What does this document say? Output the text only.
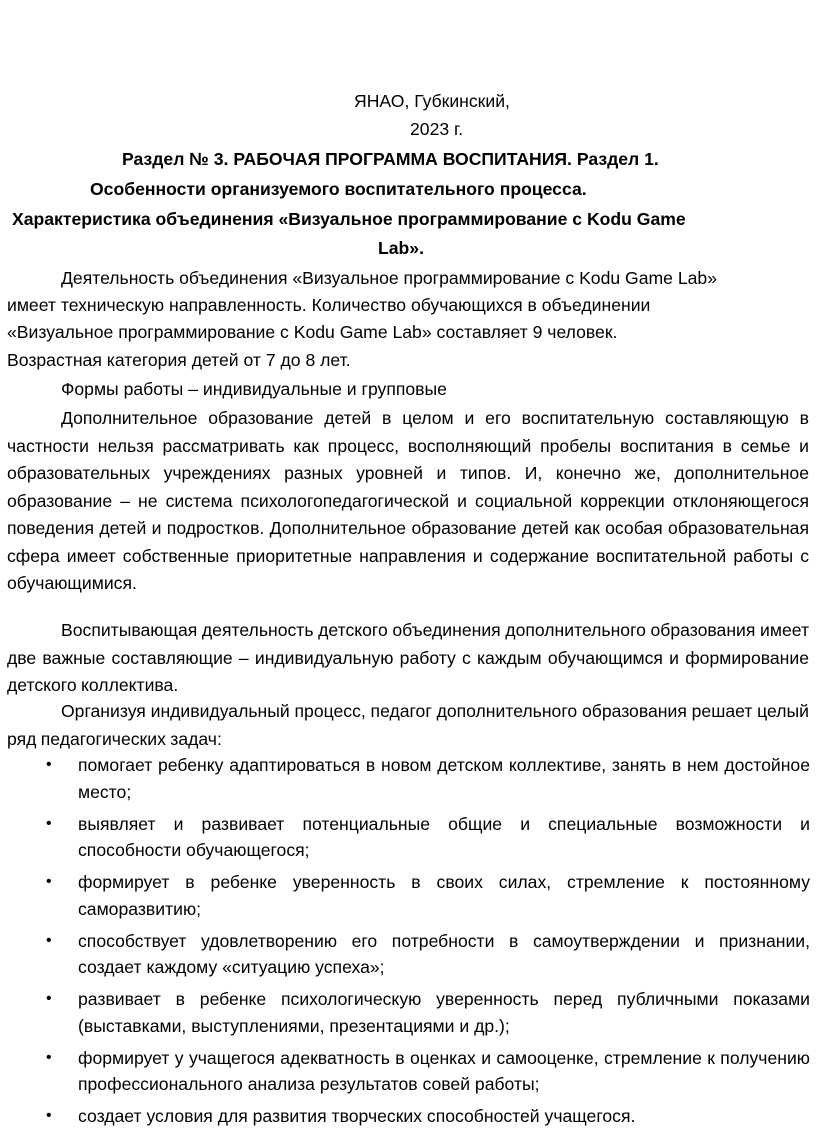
ЯНАО, Губкинский,
2023 г.
Раздел № 3. РАБОЧАЯ ПРОГРАММА ВОСПИТАНИЯ. Раздел 1.
Особенности организуемого воспитательного процесса.
Характеристика объединения «Визуальное программирование с Kodu Game
Lab».
Деятельность объединения «Визуальное программирование с Kodu Game Lab»
имеет техническую направленность. Количество обучающихся в объединении
«Визуальное программирование с Kodu Game Lab» составляет 9 человек.
Возрастная категория детей от 7 до 8 лет.
Формы работы – индивидуальные и групповые
Дополнительное образование детей в целом и его воспитательную составляющую в частности нельзя рассматривать как процесс, восполняющий пробелы воспитания в семье и образовательных учреждениях разных уровней и типов. И, конечно же, дополнительное образование – не система психологопедагогической и социальной коррекции отклоняющегося поведения детей и подростков. Дополнительное образование детей как особая образовательная сфера имеет собственные приоритетные направления и содержание воспитательной работы с обучающимися.
Воспитывающая деятельность детского объединения дополнительного образования имеет две важные составляющие – индивидуальную работу с каждым обучающимся и формирование детского коллектива.
Организуя индивидуальный процесс, педагог дополнительного образования решает целый ряд педагогических задач:
• помогает ребенку адаптироваться в новом детском коллективе, занять в нем достойное место;
• выявляет и развивает потенциальные общие и специальные возможности и способности обучающегося;
• формирует в ребенке уверенность в своих силах, стремление к постоянному саморазвитию;
• способствует удовлетворению его потребности в самоутверждении и признании, создает каждому «ситуацию успеха»;
• развивает в ребенке психологическую уверенность перед публичными показами (выставками, выступлениями, презентациями и др.);
• формирует у учащегося адекватность в оценках и самооценке, стремление к получению профессионального анализа результатов совей работы;
• создает условия для развития творческих способностей учащегося.
